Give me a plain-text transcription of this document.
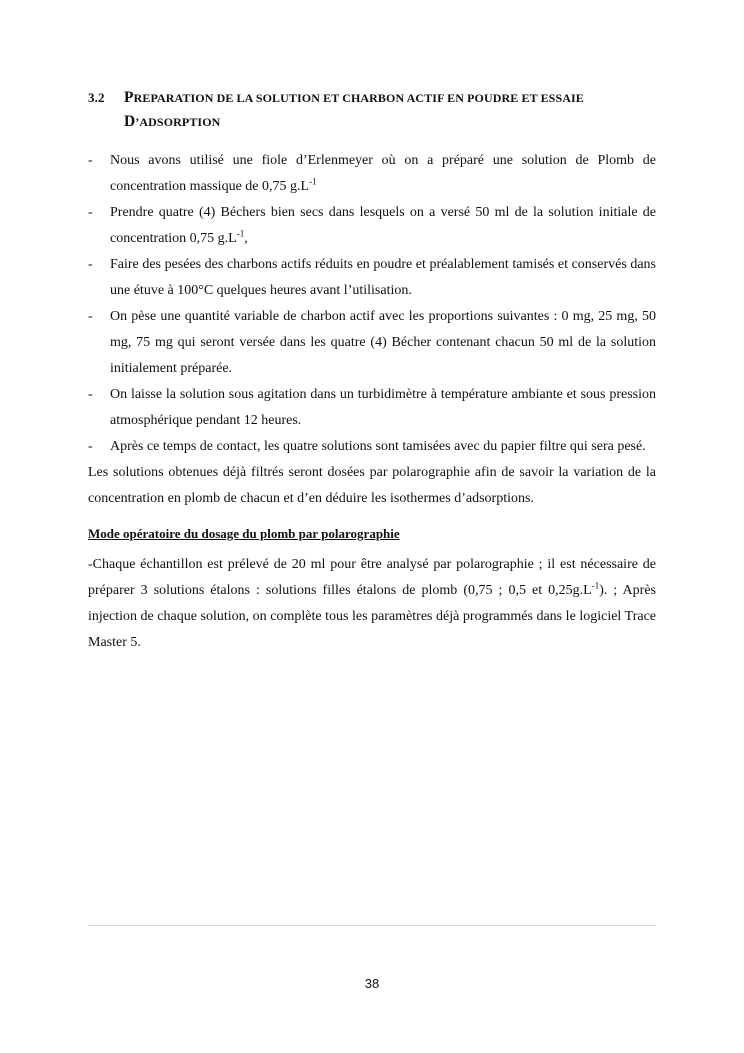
3.2	PREPARATION DE LA SOLUTION ET CHARBON ACTIF EN POUDRE ET ESSAIE
D’ADSORPTION
-	Nous avons utilisé une fiole d’Erlenmeyer où on a préparé une solution de Plomb de concentration massique de 0,75 $g.L^{-1}$
-	Prendre quatre (4) Béchers bien secs dans lesquels on a versé 50 ml de la solution initiale de concentration 0,75 $g.L^{-1}$,
-	Faire des pesées des charbons actifs réduits en poudre et préalablement tamisés et conservés dans une étuve à 100°C quelques heures avant l’utilisation.
-	On pèse une quantité variable de charbon actif avec les proportions suivantes : 0 mg, 25 mg, 50 mg, 75 mg qui seront versée dans les quatre (4) Bécher contenant chacun 50 ml de la solution initialement préparée.
-	On laisse la solution sous agitation dans un turbidimètre à température ambiante et sous pression atmosphérique pendant 12 heures.
-	Après ce temps de contact, les quatre solutions sont tamisées avec du papier filtre qui sera pesé.
Les solutions obtenues déjà filtrés seront dosées par polarographie afin de savoir la variation de la concentration en plomb de chacun et d’en déduire les isothermes d’adsorptions.
Mode opératoire du dosage du plomb par polarographie
-Chaque échantillon est prélevé de 20 ml pour être analysé par polarographie ; il est nécessaire de préparer 3 solutions étalons : solutions filles étalons de plomb (0,75 ; 0,5 et $0,25g.L^{-1}$). ; Après injection de chaque solution, on complète tous les paramètres déjà programmés dans le logiciel Trace Master 5.
38
